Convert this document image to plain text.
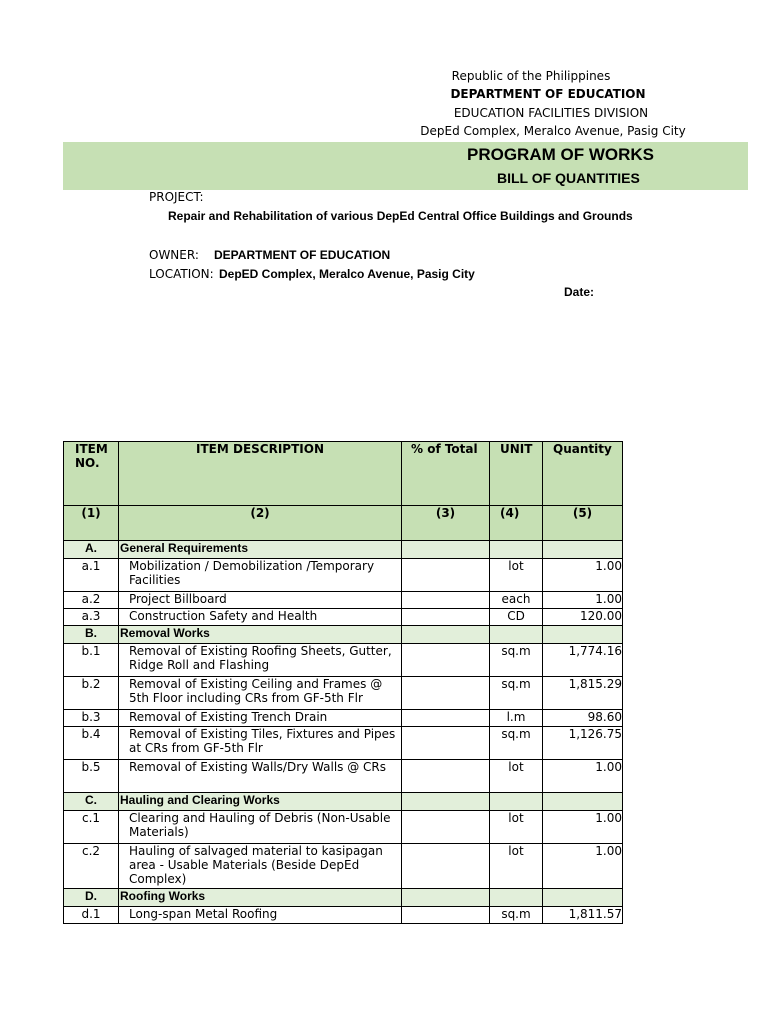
Republic of the Philippines
DEPARTMENT OF EDUCATION
EDUCATION FACILITIES DIVISION
DepEd Complex, Meralco Avenue, Pasig City
PROGRAM OF WORKS
BILL OF QUANTITIES
PROJECT:
Repair and Rehabilitation of various DepEd Central Office Buildings and Grounds
OWNER: DEPARTMENT OF EDUCATION
LOCATION: DepED Complex, Meralco Avenue, Pasig City
Date:
ITEM NO.	ITEM DESCRIPTION	% of Total	UNIT	Quantity
(1)	(2)	(3)	(4)	(5)
A.	General Requirements			
a.1	Mobilization / Demobilization /Temporary Facilities		lot	1.00
a.2	Project Billboard		each	1.00
a.3	Construction Safety and Health		CD	120.00
B.	Removal Works			
b.1	Removal of Existing Roofing Sheets, Gutter, Ridge Roll and Flashing		sq.m	1,774.16
b.2	Removal of Existing Ceiling and Frames @ 5th Floor including CRs from GF-5th Flr		sq.m	1,815.29
b.3	Removal of Existing Trench Drain		l.m	98.60
b.4	Removal of Existing Tiles, Fixtures and Pipes at CRs from GF-5th Flr		sq.m	1,126.75
b.5	Removal of Existing Walls/Dry Walls @ CRs		lot	1.00
C.	Hauling and Clearing Works			
c.1	Clearing and Hauling of Debris (Non-Usable Materials)		lot	1.00
c.2	Hauling of salvaged material to kasipagan area - Usable Materials (Beside DepEd Complex)		lot	1.00
D.	Roofing Works			
d.1	Long-span Metal Roofing		sq.m	1,811.57
